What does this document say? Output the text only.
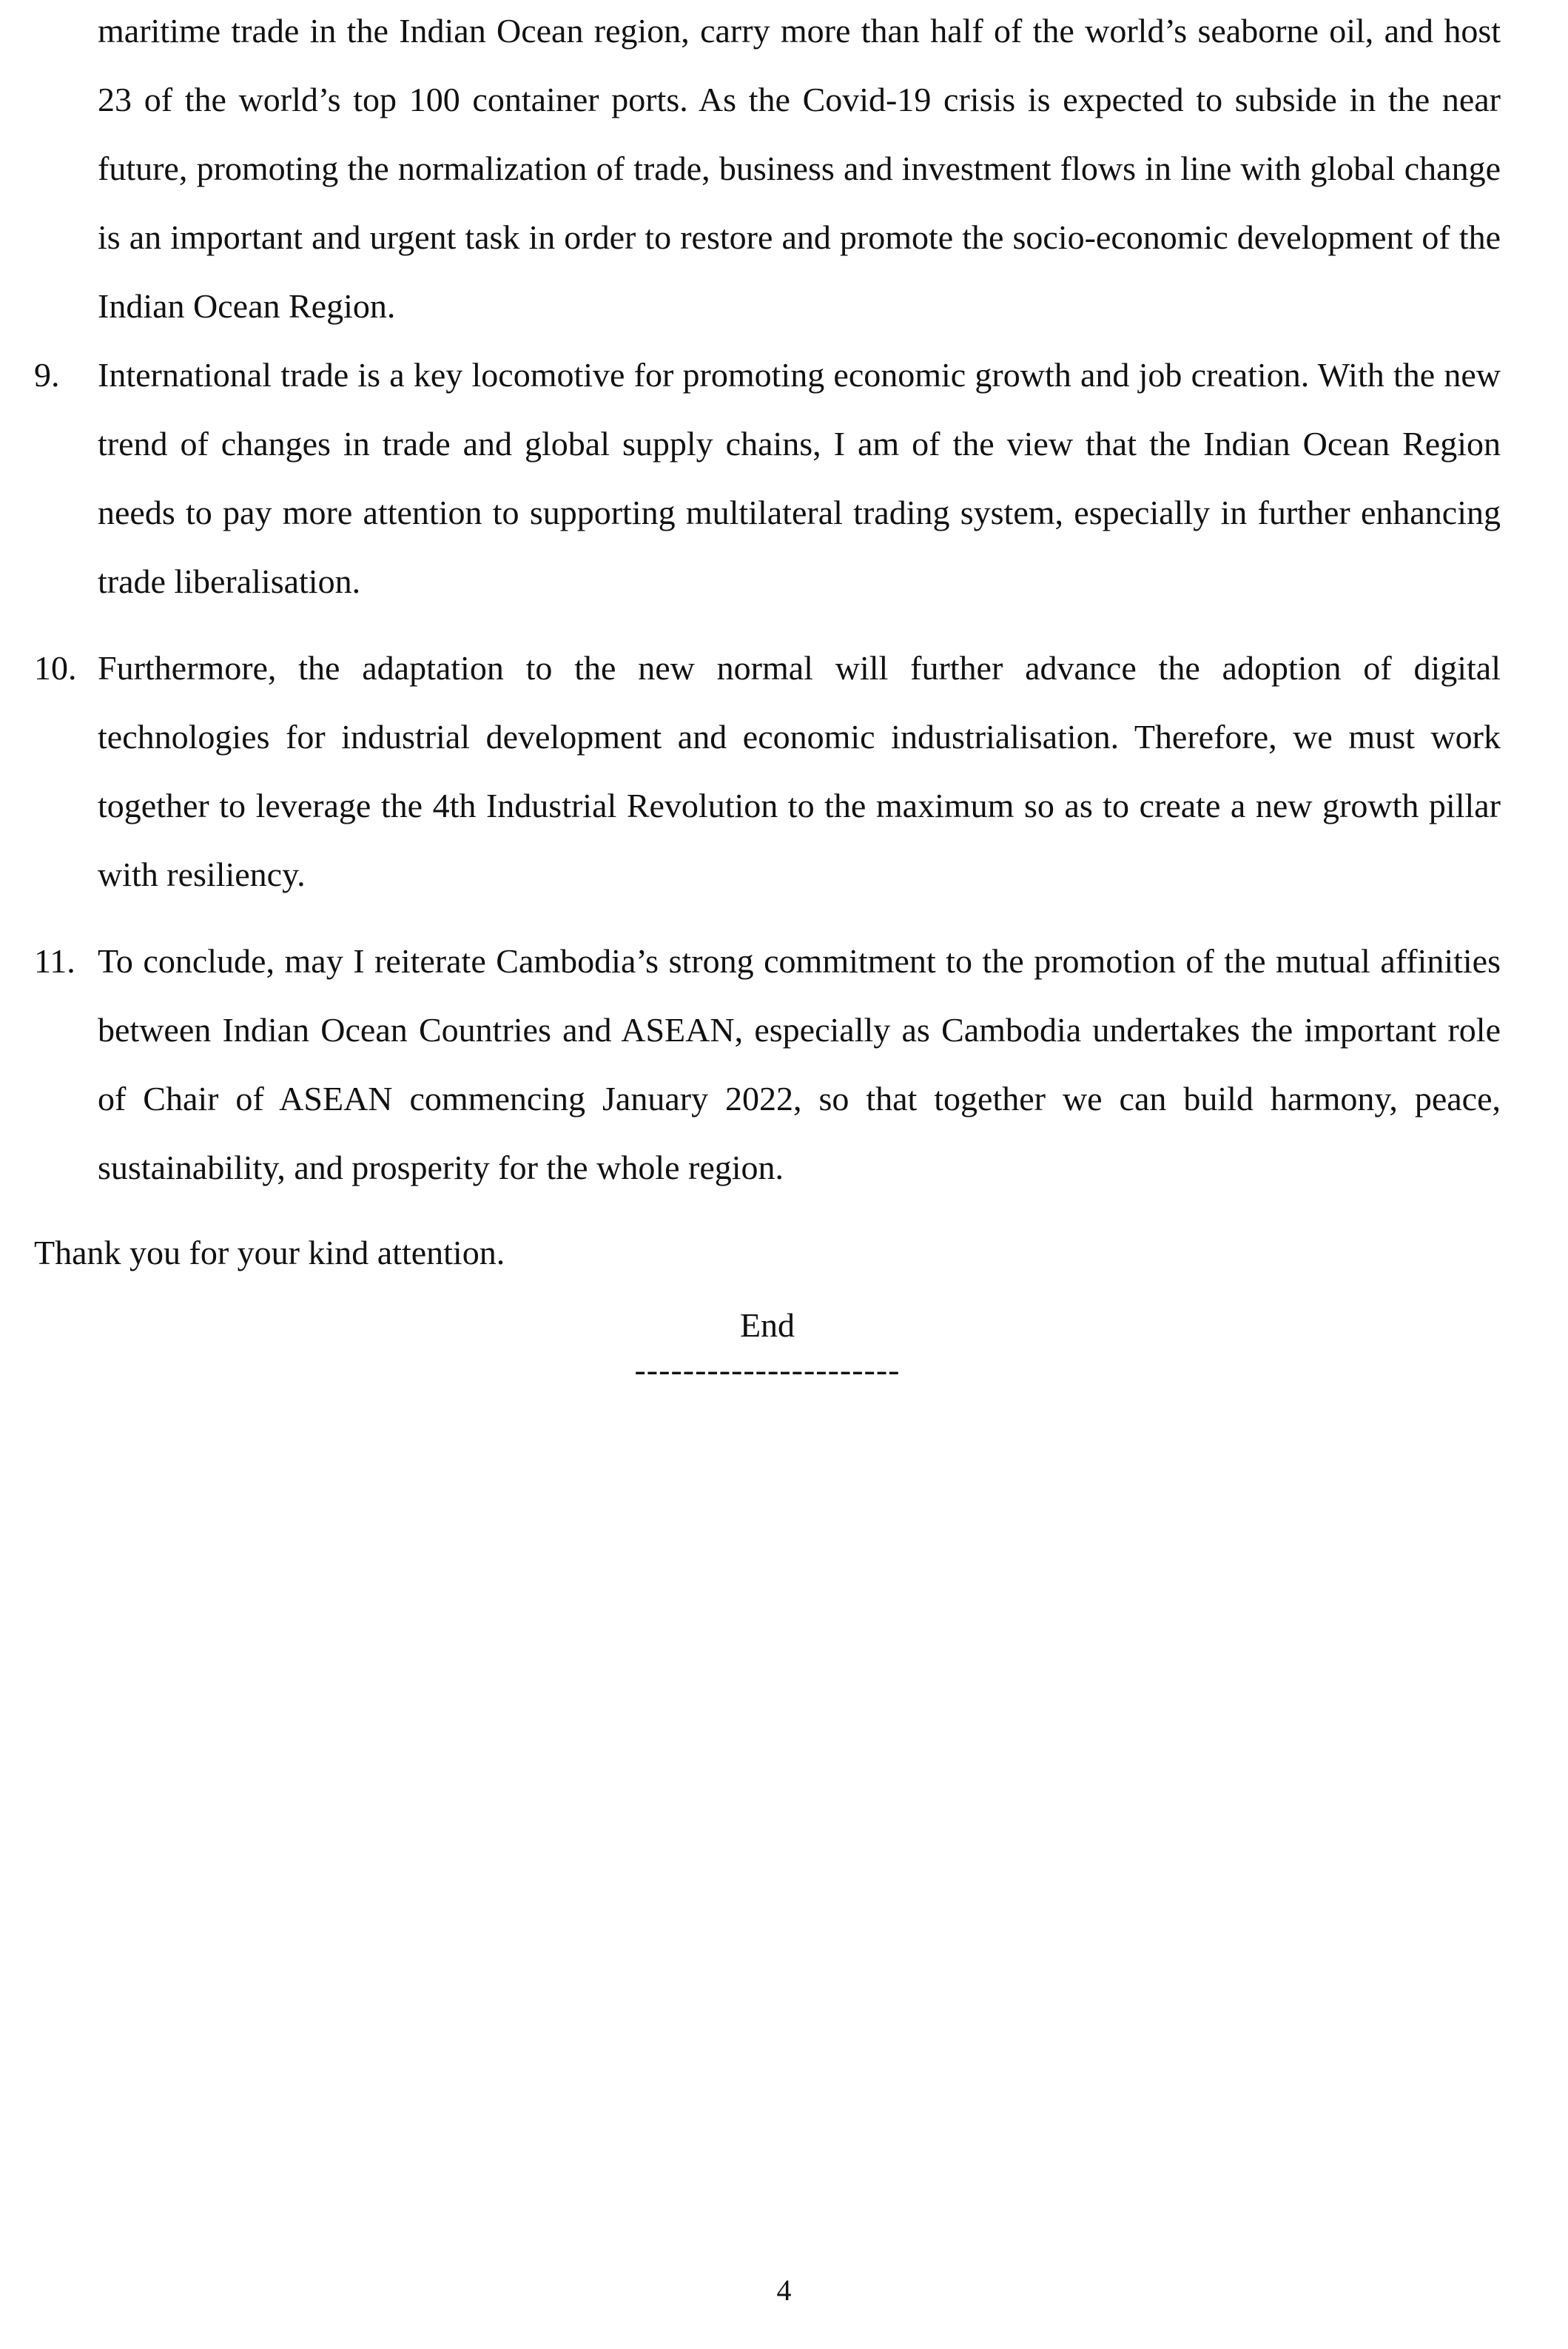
maritime trade in the Indian Ocean region, carry more than half of the world’s seaborne oil, and host 23 of the world’s top 100 container ports. As the Covid-19 crisis is expected to subside in the near future, promoting the normalization of trade, business and investment flows in line with global change is an important and urgent task in order to restore and promote the socio-economic development of the Indian Ocean Region.
9.	International trade is a key locomotive for promoting economic growth and job creation. With the new trend of changes in trade and global supply chains, I am of the view that the Indian Ocean Region needs to pay more attention to supporting multilateral trading system, especially in further enhancing trade liberalisation.
10. Furthermore, the adaptation to the new normal will further advance the adoption of digital technologies for industrial development and economic industrialisation. Therefore, we must work together to leverage the 4th Industrial Revolution to the maximum so as to create a new growth pillar with resiliency.
11. To conclude, may I reiterate Cambodia’s strong commitment to the promotion of the mutual affinities between Indian Ocean Countries and ASEAN, especially as Cambodia undertakes the important role of Chair of ASEAN commencing January 2022, so that together we can build harmony, peace, sustainability, and prosperity for the whole region.
Thank you for your kind attention.
End
----------------------
4
